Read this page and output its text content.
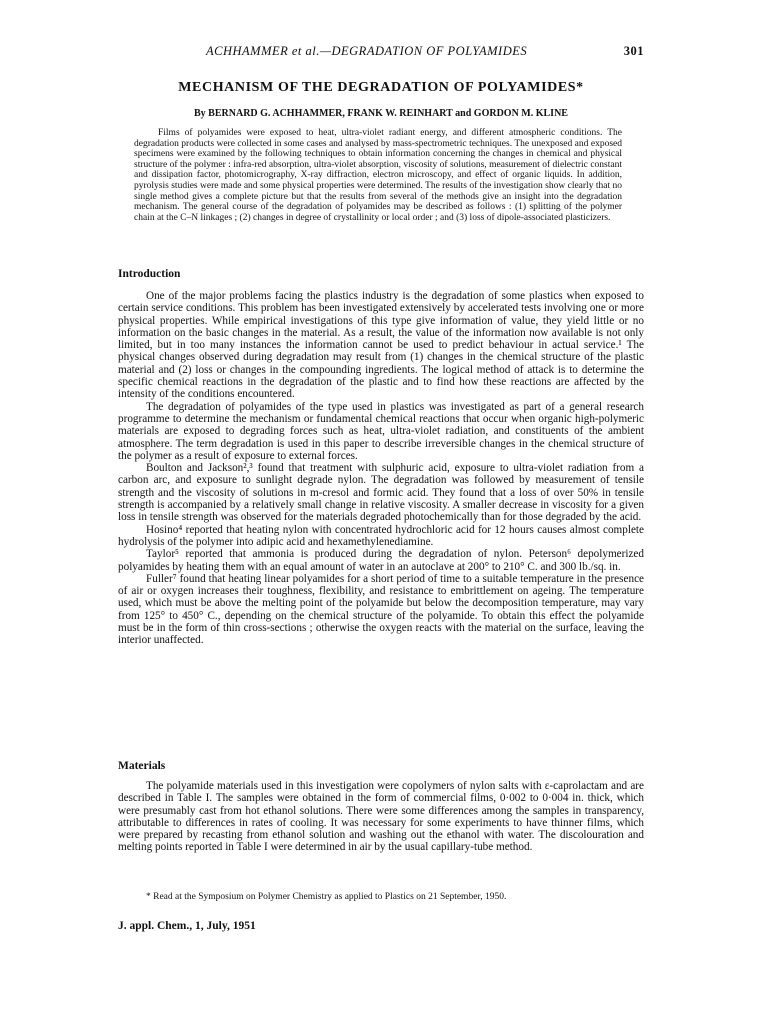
ACHHAMMER et al.—DEGRADATION OF POLYAMIDES	301
MECHANISM OF THE DEGRADATION OF POLYAMIDES*
By BERNARD G. ACHHAMMER, FRANK W. REINHART and GORDON M. KLINE
Films of polyamides were exposed to heat, ultra-violet radiant energy, and different atmospheric conditions. The degradation products were collected in some cases and analysed by mass-spectrometric techniques. The unexposed and exposed specimens were examined by the following techniques to obtain information concerning the changes in chemical and physical structure of the polymer : infra-red absorption, ultra-violet absorption, viscosity of solutions, measurement of dielectric constant and dissipation factor, photomicrography, X-ray diffraction, electron microscopy, and effect of organic liquids. In addition, pyrolysis studies were made and some physical properties were determined. The results of the investigation show clearly that no single method gives a complete picture but that the results from several of the methods give an insight into the degradation mechanism. The general course of the degradation of polyamides may be described as follows : (1) splitting of the polymer chain at the C–N linkages ; (2) changes in degree of crystallinity or local order ; and (3) loss of dipole-associated plasticizers.
Introduction

One of the major problems facing the plastics industry is the degradation of some plastics when exposed to certain service conditions. This problem has been investigated extensively by accelerated tests involving one or more physical properties. While empirical investigations of this type give information of value, they yield little or no information on the basic changes in the material. As a result, the value of the information now available is not only limited, but in too many instances the information cannot be used to predict behaviour in actual service.¹ The physical changes observed during degradation may result from (1) changes in the chemical structure of the plastic material and (2) loss or changes in the compounding ingredients. The logical method of attack is to determine the specific chemical reactions in the degradation of the plastic and to find how these reactions are affected by the intensity of the conditions encountered.

The degradation of polyamides of the type used in plastics was investigated as part of a general research programme to determine the mechanism or fundamental chemical reactions that occur when organic high-polymeric materials are exposed to degrading forces such as heat, ultra-violet radiation, and constituents of the ambient atmosphere. The term degradation is used in this paper to describe irreversible changes in the chemical structure of the polymer as a result of exposure to external forces.

Boulton and Jackson²,³ found that treatment with sulphuric acid, exposure to ultra-violet radiation from a carbon arc, and exposure to sunlight degrade nylon. The degradation was followed by measurement of tensile strength and the viscosity of solutions in m-cresol and formic acid. They found that a loss of over 50% in tensile strength is accompanied by a relatively small change in relative viscosity. A smaller decrease in viscosity for a given loss in tensile strength was observed for the materials degraded photochemically than for those degraded by the acid.

Hosino⁴ reported that heating nylon with concentrated hydrochloric acid for 12 hours causes almost complete hydrolysis of the polymer into adipic acid and hexamethylenediamine.

Taylor⁵ reported that ammonia is produced during the degradation of nylon. Peterson⁶ depolymerized polyamides by heating them with an equal amount of water in an autoclave at 200° to 210° C. and 300 lb./sq. in.

Fuller⁷ found that heating linear polyamides for a short period of time to a suitable temperature in the presence of air or oxygen increases their toughness, flexibility, and resistance to embrittlement on ageing. The temperature used, which must be above the melting point of the polyamide but below the decomposition temperature, may vary from 125° to 450° C., depending on the chemical structure of the polyamide. To obtain this effect the polyamide must be in the form of thin cross-sections ; otherwise the oxygen reacts with the material on the surface, leaving the interior unaffected.

Materials

The polyamide materials used in this investigation were copolymers of nylon salts with ε-caprolactam and are described in Table I. The samples were obtained in the form of commercial films, 0·002 to 0·004 in. thick, which were presumably cast from hot ethanol solutions. There were some differences among the samples in transparency, attributable to differences in rates of cooling. It was necessary for some experiments to have thinner films, which were prepared by recasting from ethanol solution and washing out the ethanol with water. The discolouration and melting points reported in Table I were determined in air by the usual capillary-tube method.

* Read at the Symposium on Polymer Chemistry as applied to Plastics on 21 September, 1950.
J. appl. Chem., 1, July, 1951
